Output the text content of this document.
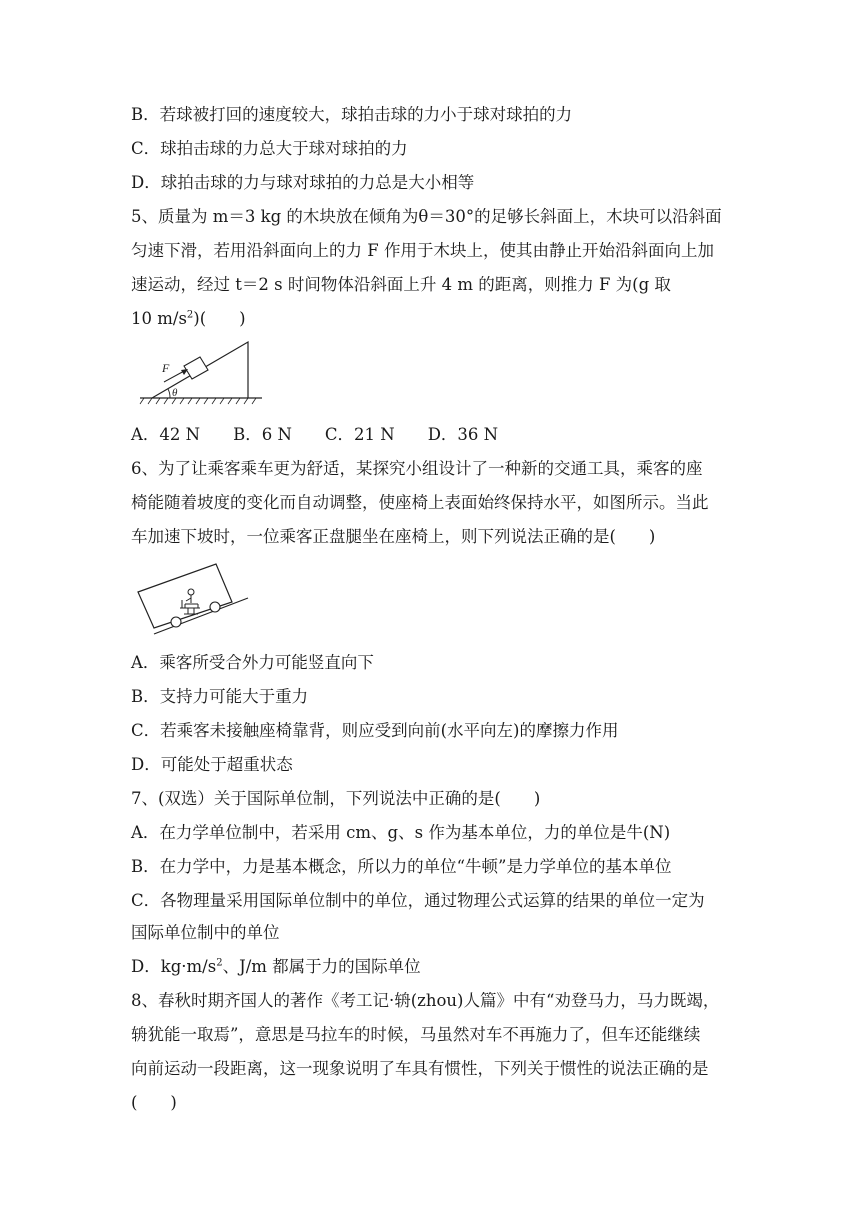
B．若球被打回的速度较大，球拍击球的力小于球对球拍的力
C．球拍击球的力总大于球对球拍的力
D．球拍击球的力与球对球拍的力总是大小相等
5、质量为 m＝3 kg 的木块放在倾角为θ＝30°的足够长斜面上，木块可以沿斜面
匀速下滑，若用沿斜面向上的力 F 作用于木块上，使其由静止开始沿斜面向上加
速运动，经过 t＝2 s 时间物体沿斜面上升 4 m 的距离，则推力 F 为(g 取
10 $m/s^2$)(　　)
F
θ
A．42 N　　B．6 N　　C．21 N　　D．36 N
6、为了让乘客乘车更为舒适，某探究小组设计了一种新的交通工具，乘客的座
椅能随着坡度的变化而自动调整，使座椅上表面始终保持水平，如图所示。当此
车加速下坡时，一位乘客正盘腿坐在座椅上，则下列说法正确的是(　　)
A．乘客所受合外力可能竖直向下
B．支持力可能大于重力
C．若乘客未接触座椅靠背，则应受到向前(水平向左)的摩擦力作用
D．可能处于超重状态
7、(双选）关于国际单位制，下列说法中正确的是(　　)
A．在力学单位制中，若采用 cm、g、s 作为基本单位，力的单位是牛(N)
B．在力学中，力是基本概念，所以力的单位“牛顿”是力学单位的基本单位
C．各物理量采用国际单位制中的单位，通过物理公式运算的结果的单位一定为
国际单位制中的单位
D．$kg\cdot m/s^2$、J/m 都属于力的国际单位
8、春秋时期齐国人的著作《考工记·辀(zhou)人篇》中有“劝登马力，马力既竭，
辀犹能一取焉”，意思是马拉车的时候，马虽然对车不再施力了，但车还能继续
向前运动一段距离，这一现象说明了车具有惯性，下列关于惯性的说法正确的是
(　　)
